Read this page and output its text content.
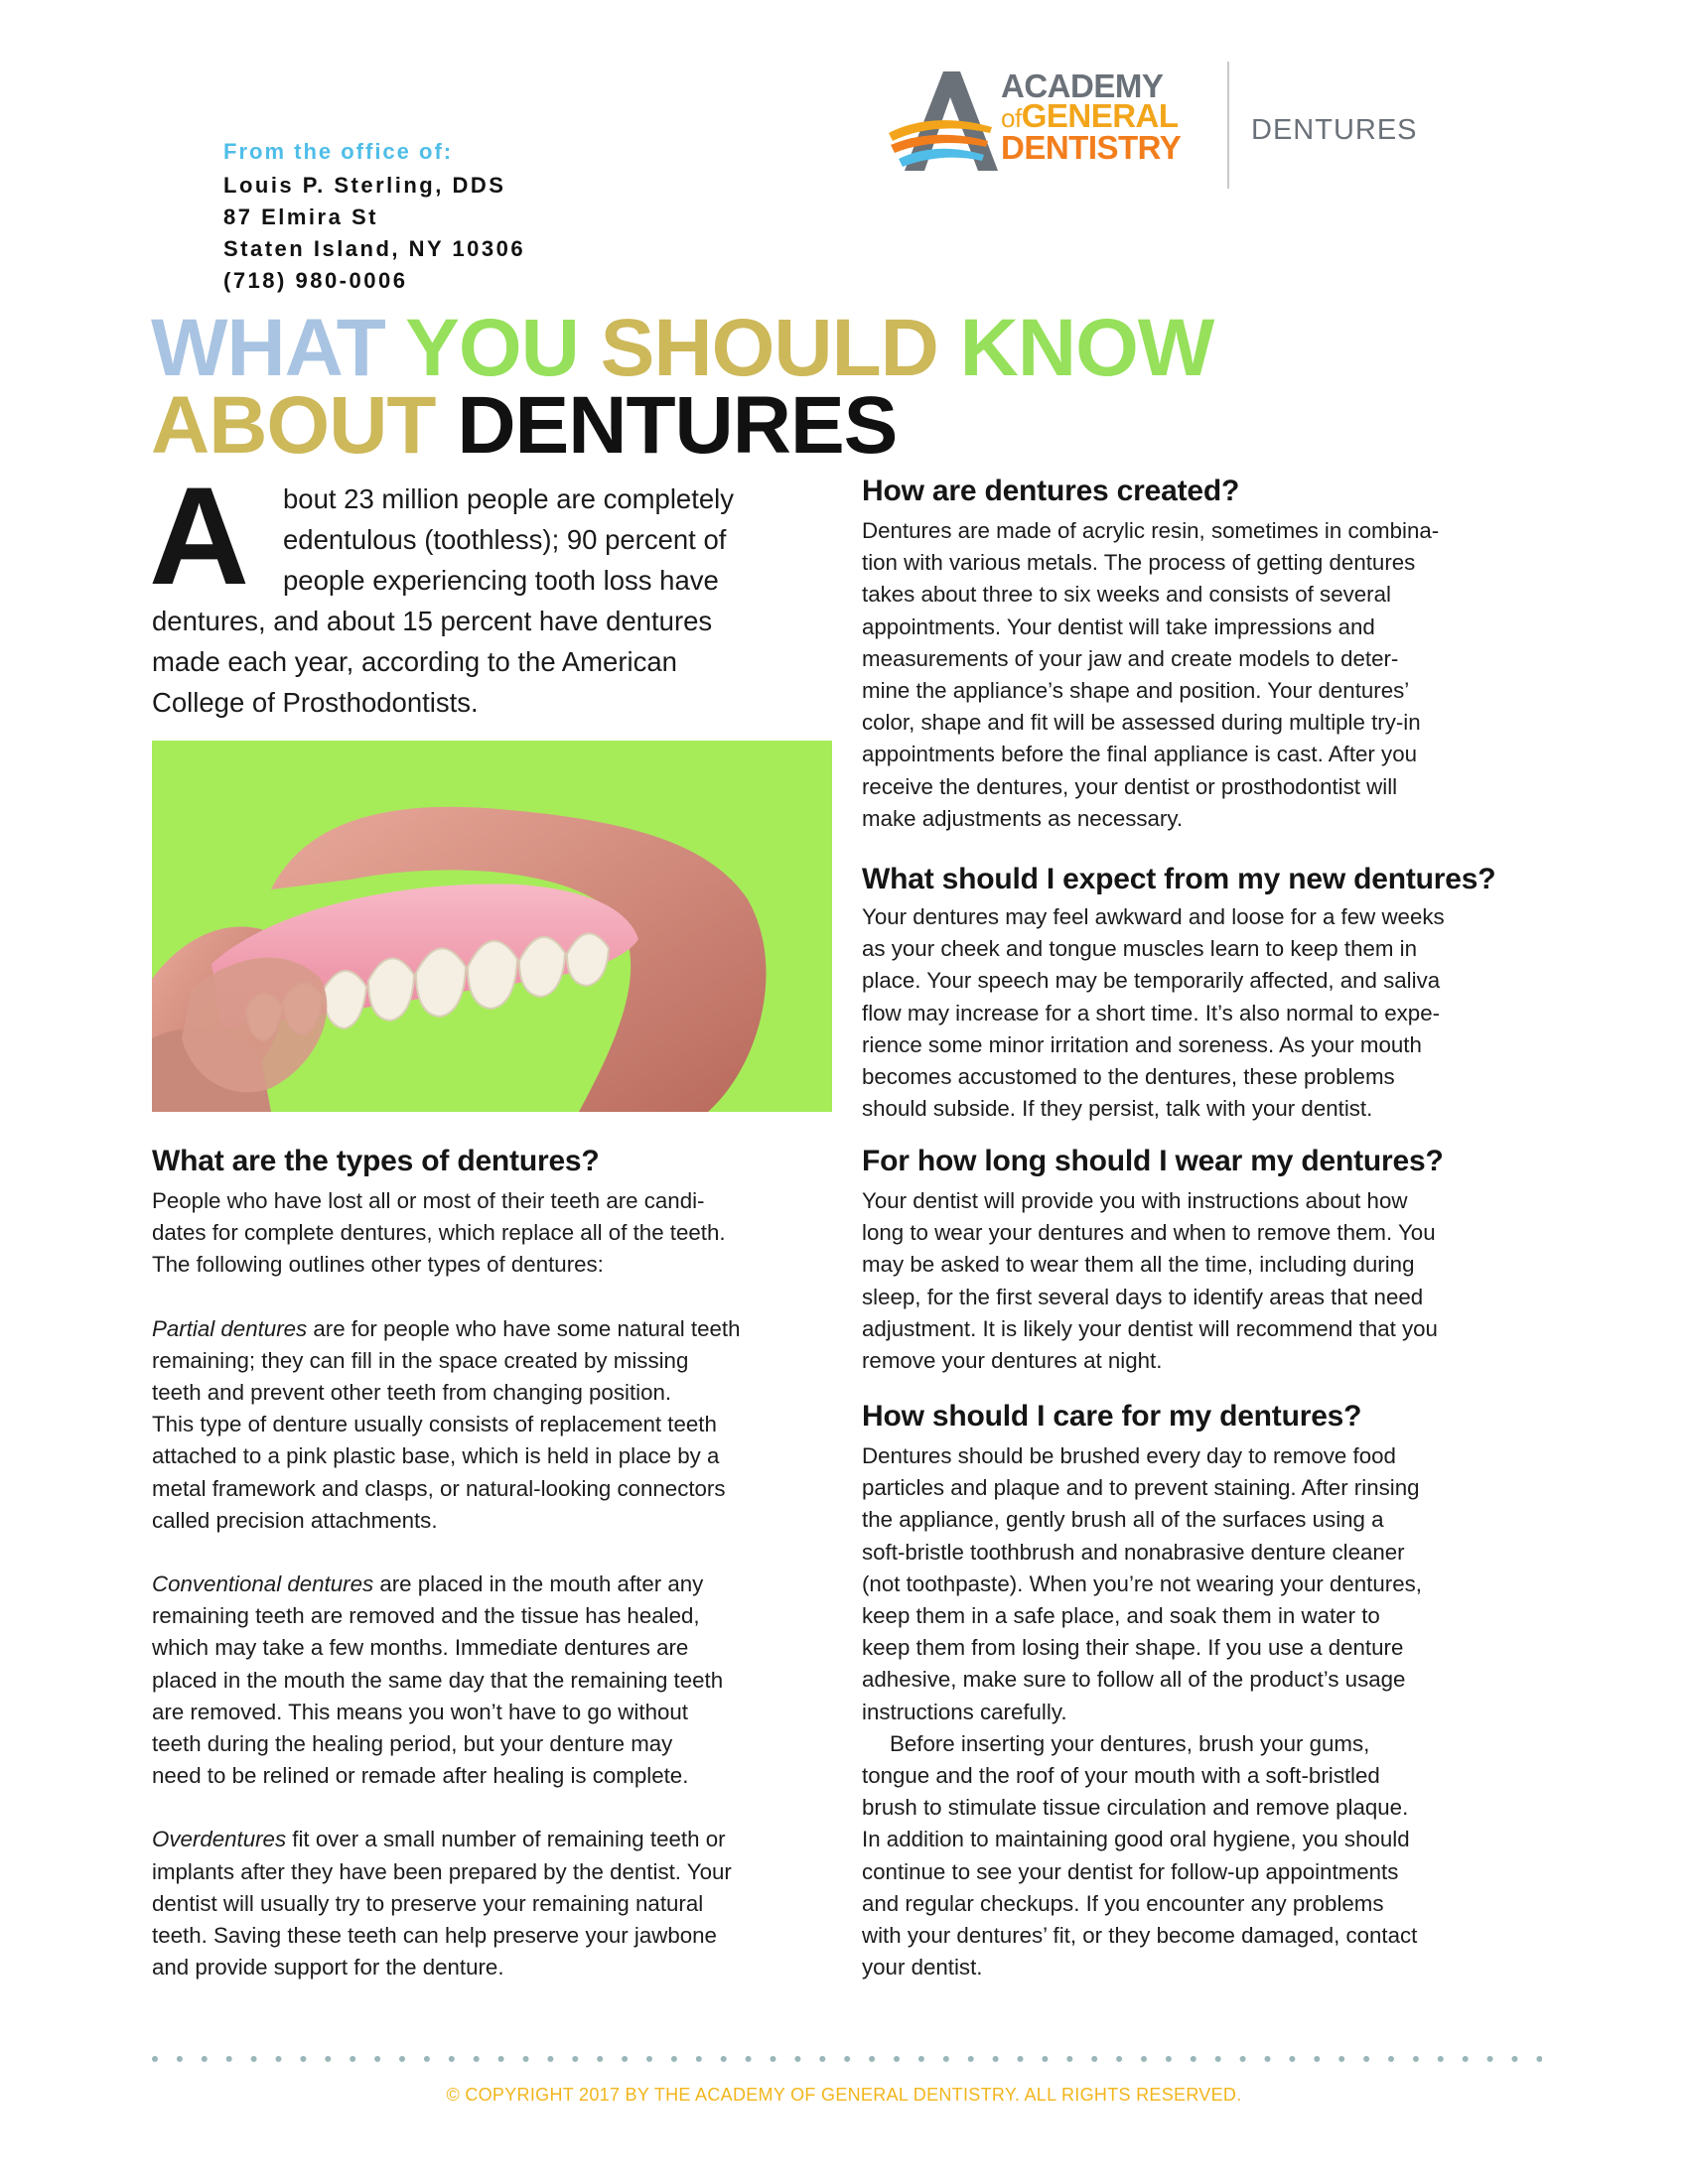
From the office of:
Louis P. Sterling, DDS
87 Elmira St
Staten Island, NY 10306
(718) 980-0006
ACADEMY
ofGENERAL
DENTISTRY DENTURES
WHAT YOU SHOULD KNOW
ABOUT DENTURES
A bout 23 million people are completely
edentulous (toothless); 90 percent of
people experiencing tooth loss have
dentures, and about 15 percent have dentures
made each year, according to the American
College of Prosthodontists.
What are the types of dentures?

People who have lost all or most of their teeth are candi-

dates for complete dentures, which replace all of the teeth.

The following outlines other types of dentures:

Partial dentures are for people who have some natural teeth

remaining; they can fill in the space created by missing

teeth and prevent other teeth from changing position.

This type of denture usually consists of replacement teeth

attached to a pink plastic base, which is held in place by a

metal framework and clasps, or natural-looking connectors

called precision attachments.

Conventional dentures are placed in the mouth after any

remaining teeth are removed and the tissue has healed,

which may take a few months. Immediate dentures are

placed in the mouth the same day that the remaining teeth

are removed. This means you won’t have to go without

teeth during the healing period, but your denture may

need to be relined or remade after healing is complete.

Overdentures fit over a small number of remaining teeth or

implants after they have been prepared by the dentist. Your

dentist will usually try to preserve your remaining natural

teeth. Saving these teeth can help preserve your jawbone

and provide support for the denture.

How are dentures created?

Dentures are made of acrylic resin, sometimes in combina-

tion with various metals. The process of getting dentures

takes about three to six weeks and consists of several

appointments. Your dentist will take impressions and

measurements of your jaw and create models to deter-

mine the appliance’s shape and position. Your dentures’

color, shape and fit will be assessed during multiple try-in

appointments before the final appliance is cast. After you

receive the dentures, your dentist or prosthodontist will

make adjustments as necessary.

What should I expect from my new dentures?

Your dentures may feel awkward and loose for a few weeks

as your cheek and tongue muscles learn to keep them in

place. Your speech may be temporarily affected, and saliva

flow may increase for a short time. It’s also normal to expe-

rience some minor irritation and soreness. As your mouth

becomes accustomed to the dentures, these problems

should subside. If they persist, talk with your dentist.

For how long should I wear my dentures?

Your dentist will provide you with instructions about how

long to wear your dentures and when to remove them. You

may be asked to wear them all the time, including during

sleep, for the first several days to identify areas that need

adjustment. It is likely your dentist will recommend that you

remove your dentures at night.

How should I care for my dentures?

Dentures should be brushed every day to remove food

particles and plaque and to prevent staining. After rinsing

the appliance, gently brush all of the surfaces using a

soft-bristle toothbrush and nonabrasive denture cleaner

(not toothpaste). When you’re not wearing your dentures,

keep them in a safe place, and soak them in water to

keep them from losing their shape. If you use a denture

adhesive, make sure to follow all of the product’s usage

instructions carefully.

Before inserting your dentures, brush your gums,

tongue and the roof of your mouth with a soft-bristled

brush to stimulate tissue circulation and remove plaque.

In addition to maintaining good oral hygiene, you should

continue to see your dentist for follow-up appointments

and regular checkups. If you encounter any problems

with your dentures’ fit, or they become damaged, contact

your dentist.

© COPYRIGHT 2017 BY THE ACADEMY OF GENERAL DENTISTRY. ALL RIGHTS RESERVED.
